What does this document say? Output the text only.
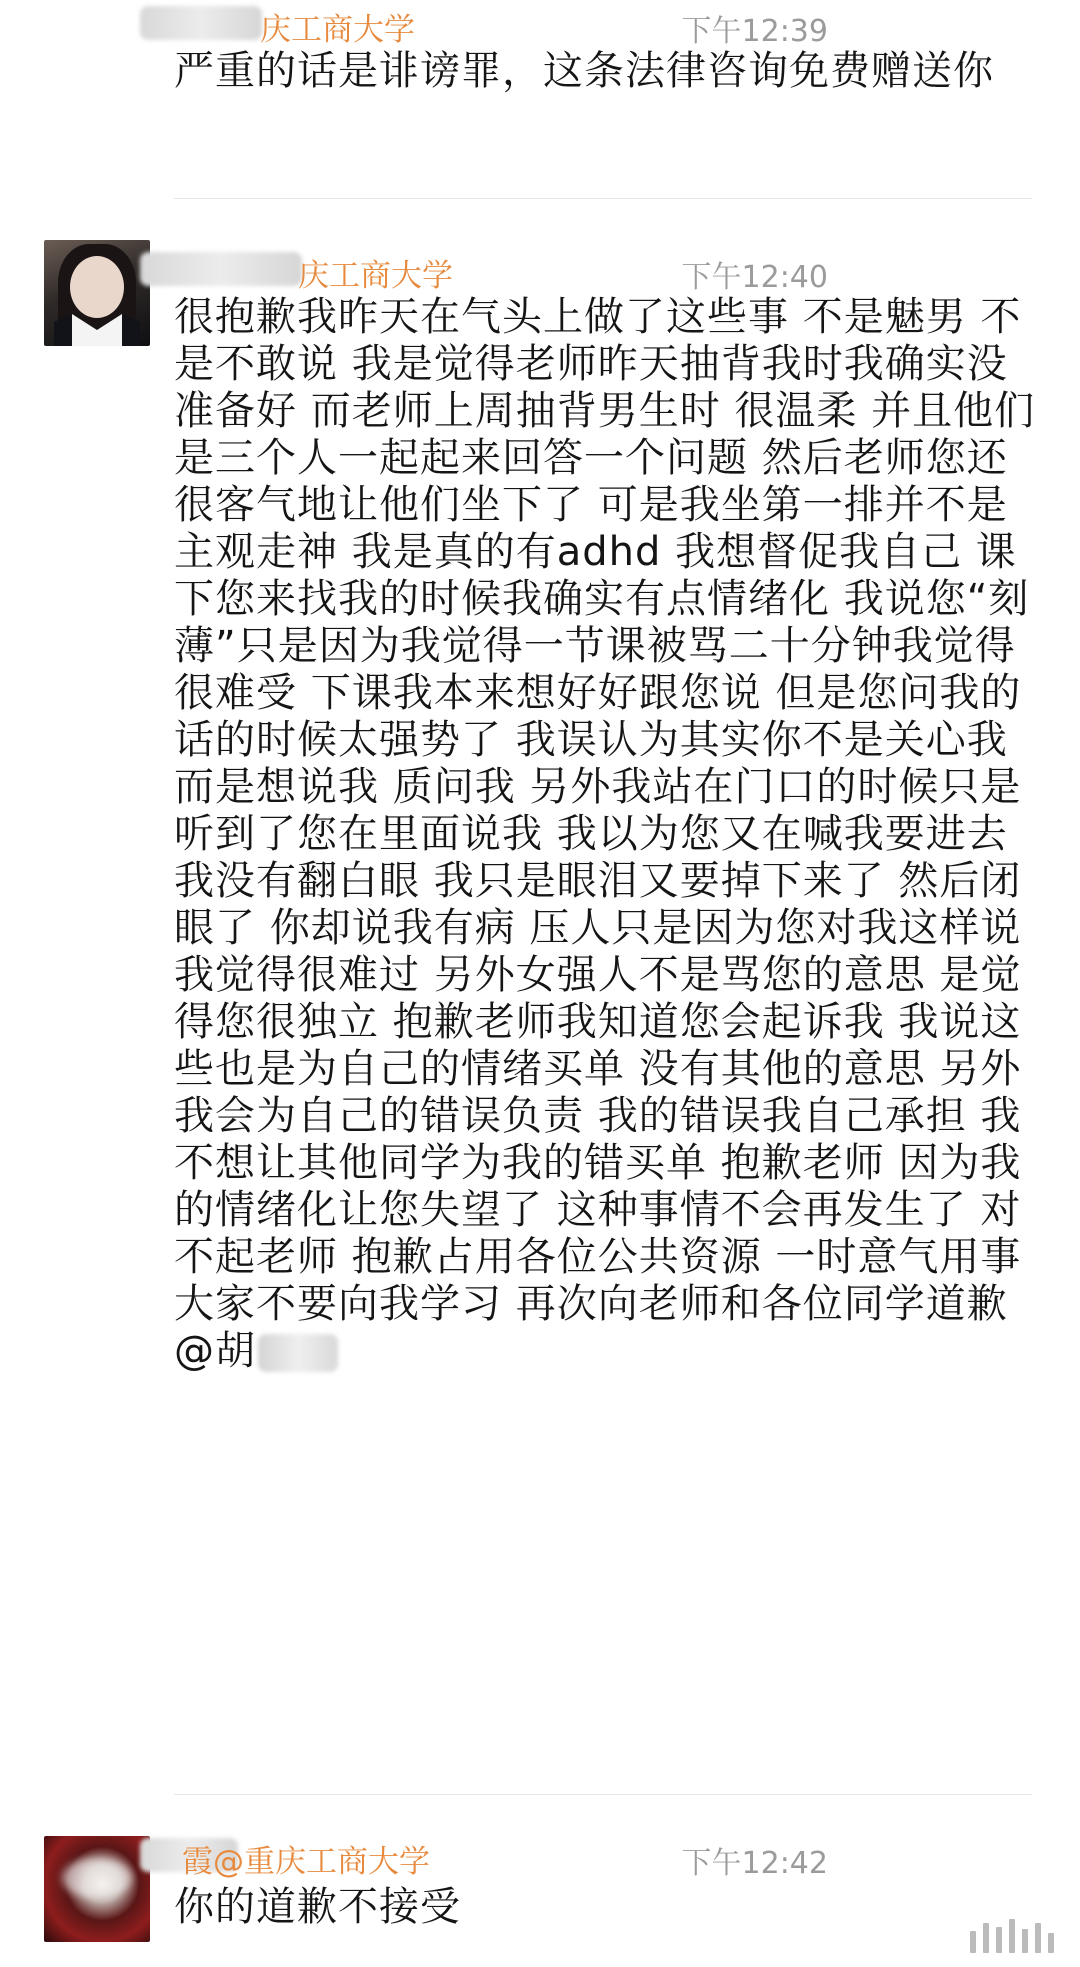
庆工商大学	下午12:39
严重的话是诽谤罪，这条法律咨询免费赠送你
庆工商大学	下午12:40
很抱歉我昨天在气头上做了这些事 不是魅男 不是不敢说 我是觉得老师昨天抽背我时我确实没准备好 而老师上周抽背男生时 很温柔 并且他们是三个人一起起来回答一个问题 然后老师您还很客气地让他们坐下了 可是我坐第一排并不是主观走神 我是真的有adhd 我想督促我自己 课下您来找我的时候我确实有点情绪化 我说您“刻薄”只是因为我觉得一节课被骂二十分钟我觉得很难受 下课我本来想好好跟您说 但是您问我的话的时候太强势了 我误认为其实你不是关心我 而是想说我 质问我 另外我站在门口的时候只是听到了您在里面说我 我以为您又在喊我要进去 我没有翻白眼 我只是眼泪又要掉下来了 然后闭眼了 你却说我有病 压人只是因为您对我这样说 我觉得很难过 另外女强人不是骂您的意思 是觉得您很独立 抱歉老师我知道您会起诉我 我说这些也是为自己的情绪买单 没有其他的意思 另外我会为自己的错误负责 我的错误我自己承担 我不想让其他同学为我的错买单 抱歉老师 因为我的情绪化让您失望了 这种事情不会再发生了 对不起老师 抱歉占用各位公共资源 一时意气用事 大家不要向我学习 再次向老师和各位同学道歉@胡
霞@重庆工商大学	下午12:42
你的道歉不接受
